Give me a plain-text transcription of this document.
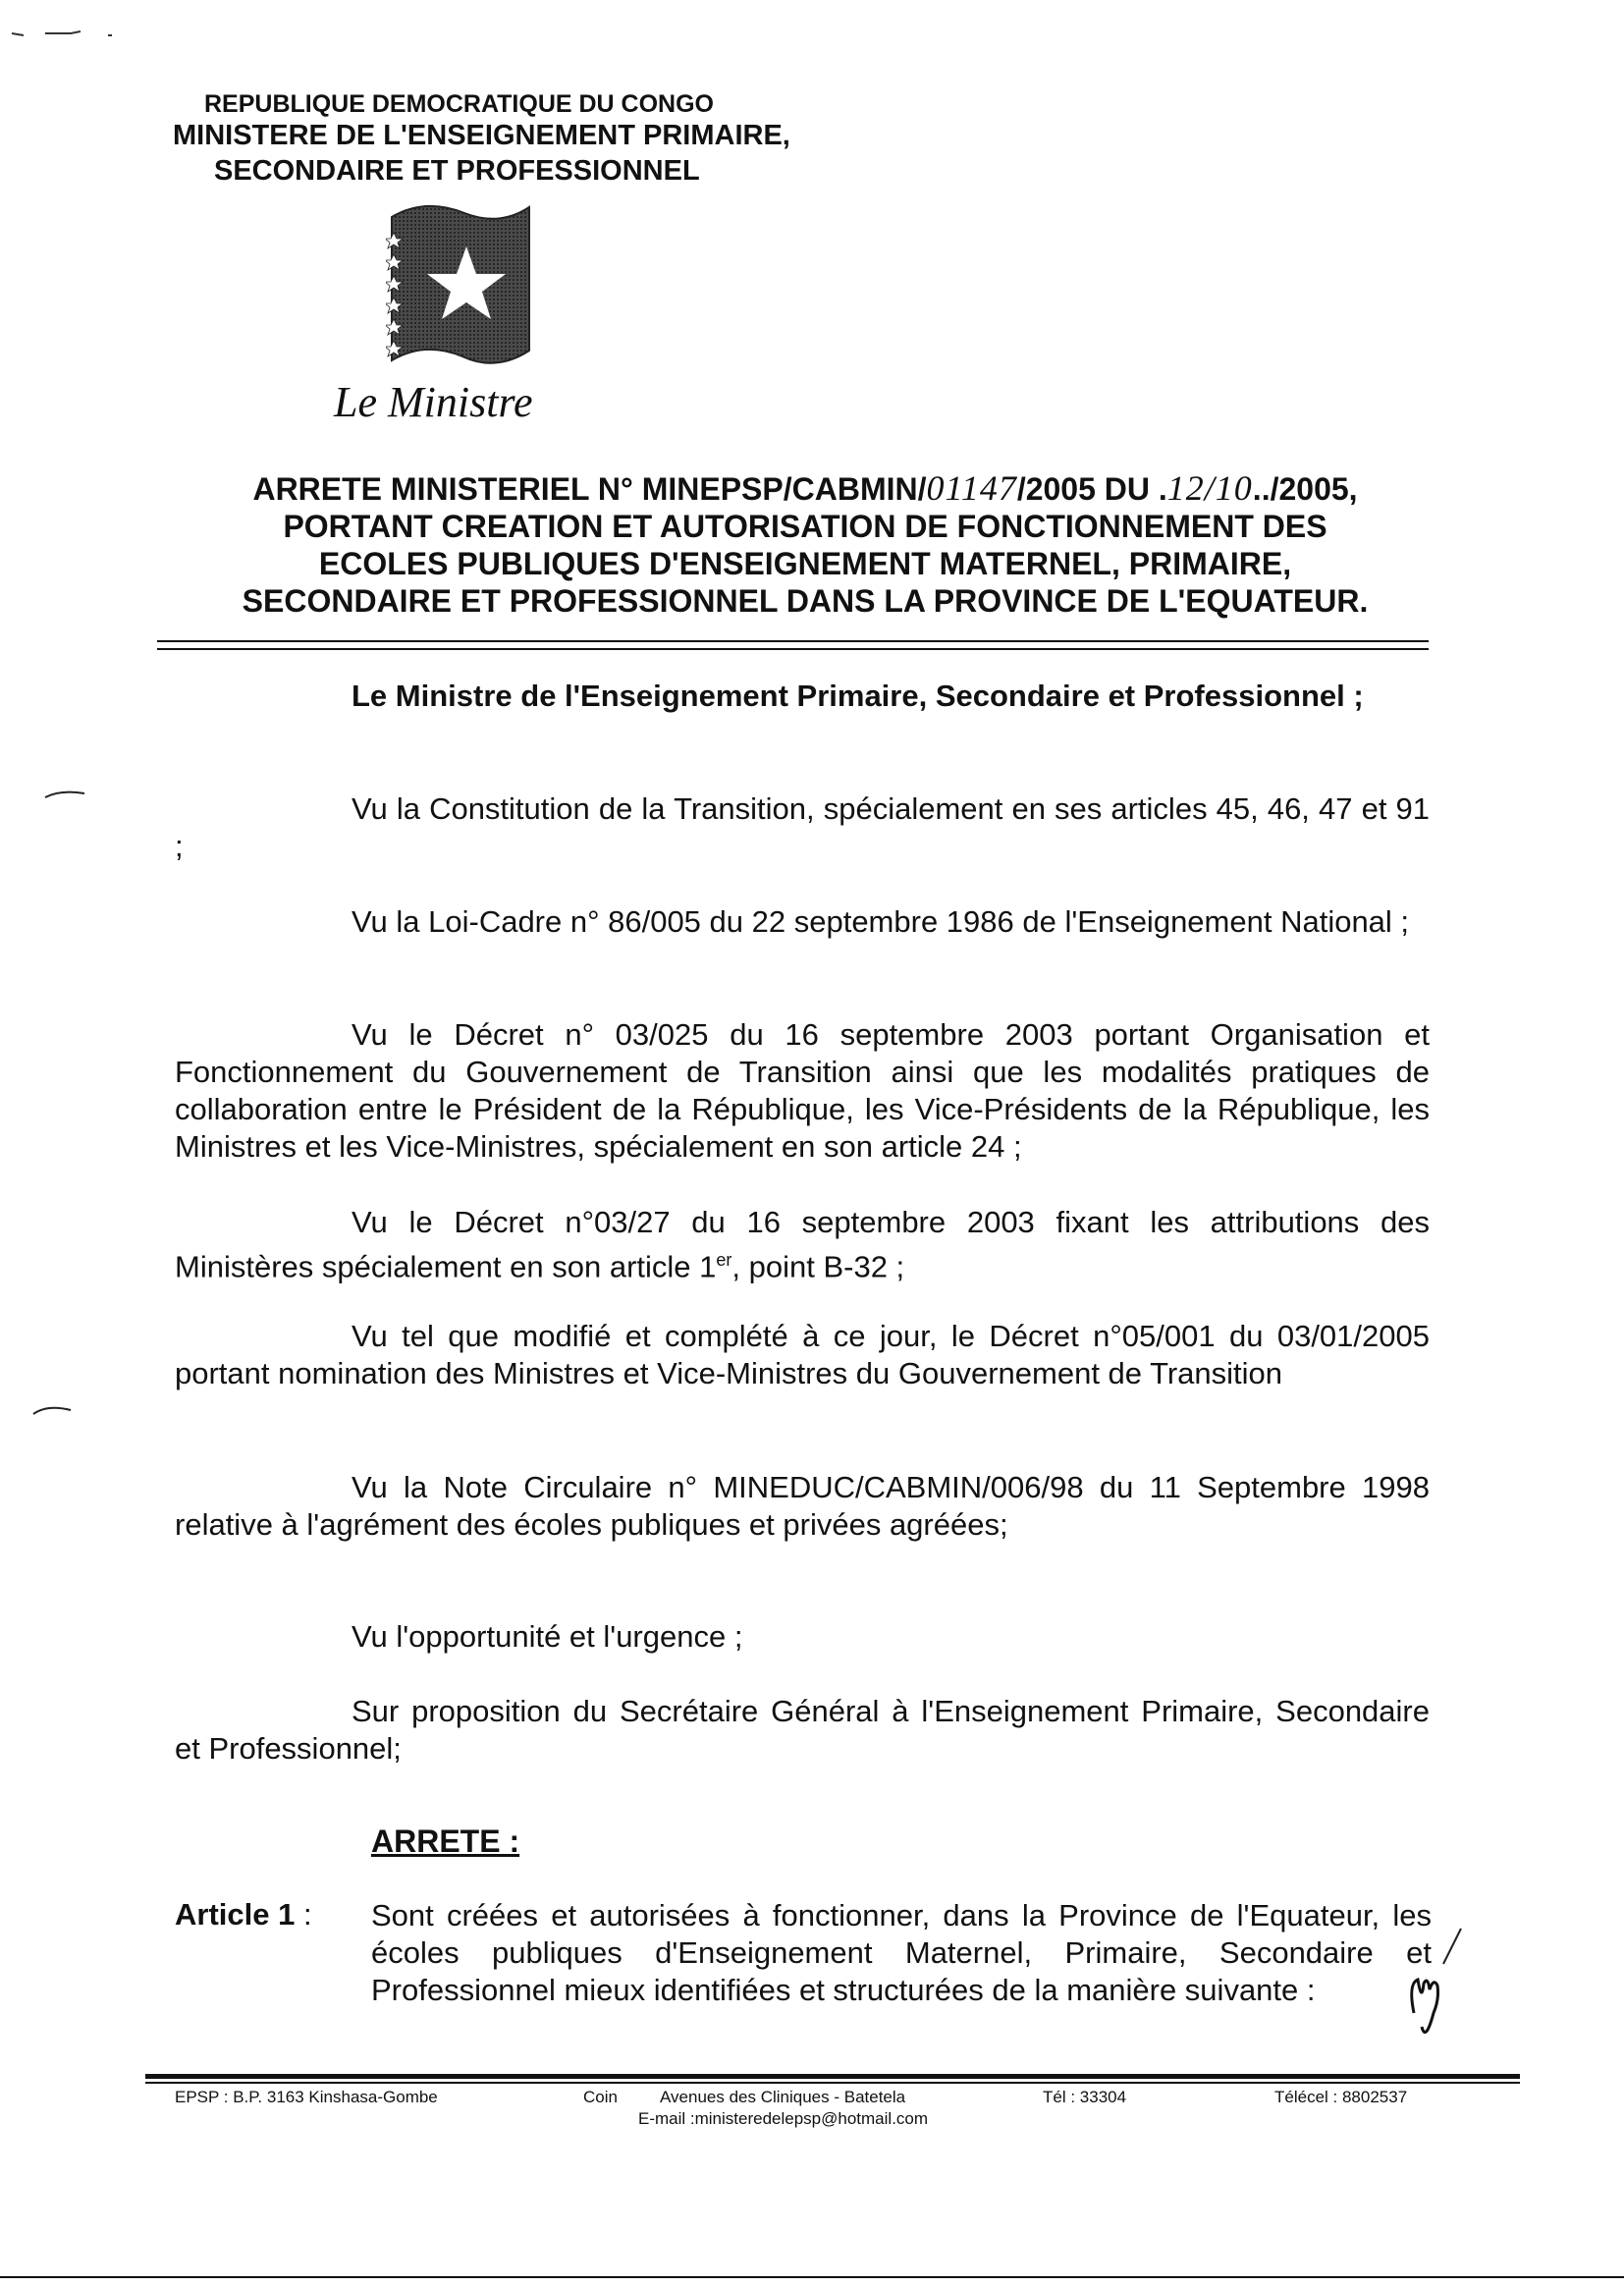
REPUBLIQUE DEMOCRATIQUE DU CONGO
MINISTERE DE L'ENSEIGNEMENT PRIMAIRE,
SECONDAIRE ET PROFESSIONNEL
Le Ministre
ARRETE MINISTERIEL N° MINEPSP/CABMIN/01147/2005 DU .12/10../2005,
PORTANT CREATION ET AUTORISATION DE FONCTIONNEMENT DES
ECOLES PUBLIQUES D'ENSEIGNEMENT MATERNEL, PRIMAIRE,
SECONDAIRE ET PROFESSIONNEL DANS LA PROVINCE DE L'EQUATEUR.
Le Ministre de l'Enseignement Primaire, Secondaire et Professionnel ;
Vu la Constitution de la Transition, spécialement en ses articles 45, 46, 47 et 91 ;
Vu la Loi-Cadre n° 86/005 du 22 septembre 1986 de l'Enseignement National ;
Vu le Décret n° 03/025 du 16 septembre 2003 portant Organisation et Fonctionnement du Gouvernement de Transition ainsi que les modalités pratiques de collaboration entre le Président de la République, les Vice-Présidents de la République, les Ministres et les Vice-Ministres, spécialement en son article 24 ;
Vu le Décret n°03/27 du 16 septembre 2003 fixant les attributions des Ministères spécialement en son article 1er, point B-32 ;
Vu tel que modifié et complété à ce jour, le Décret n°05/001 du 03/01/2005 portant nomination des Ministres et Vice-Ministres du Gouvernement de Transition
Vu la Note Circulaire n° MINEDUC/CABMIN/006/98 du 11 Septembre 1998 relative à l'agrément des écoles publiques et privées agréées;
Vu l'opportunité et l'urgence ;
Sur proposition du Secrétaire Général à l'Enseignement Primaire, Secondaire et Professionnel;
ARRETE :
Article 1 : Sont créées et autorisées à fonctionner, dans la Province de l'Equateur, les écoles publiques d'Enseignement Maternel, Primaire, Secondaire et Professionnel mieux identifiées et structurées de la manière suivante :
EPSP : B.P. 3163 Kinshasa-Gombe	Coin	Avenues des Cliniques - Batetela
E-mail :ministeredelepsp@hotmail.com
Tél : 33304	Télécel : 8802537
